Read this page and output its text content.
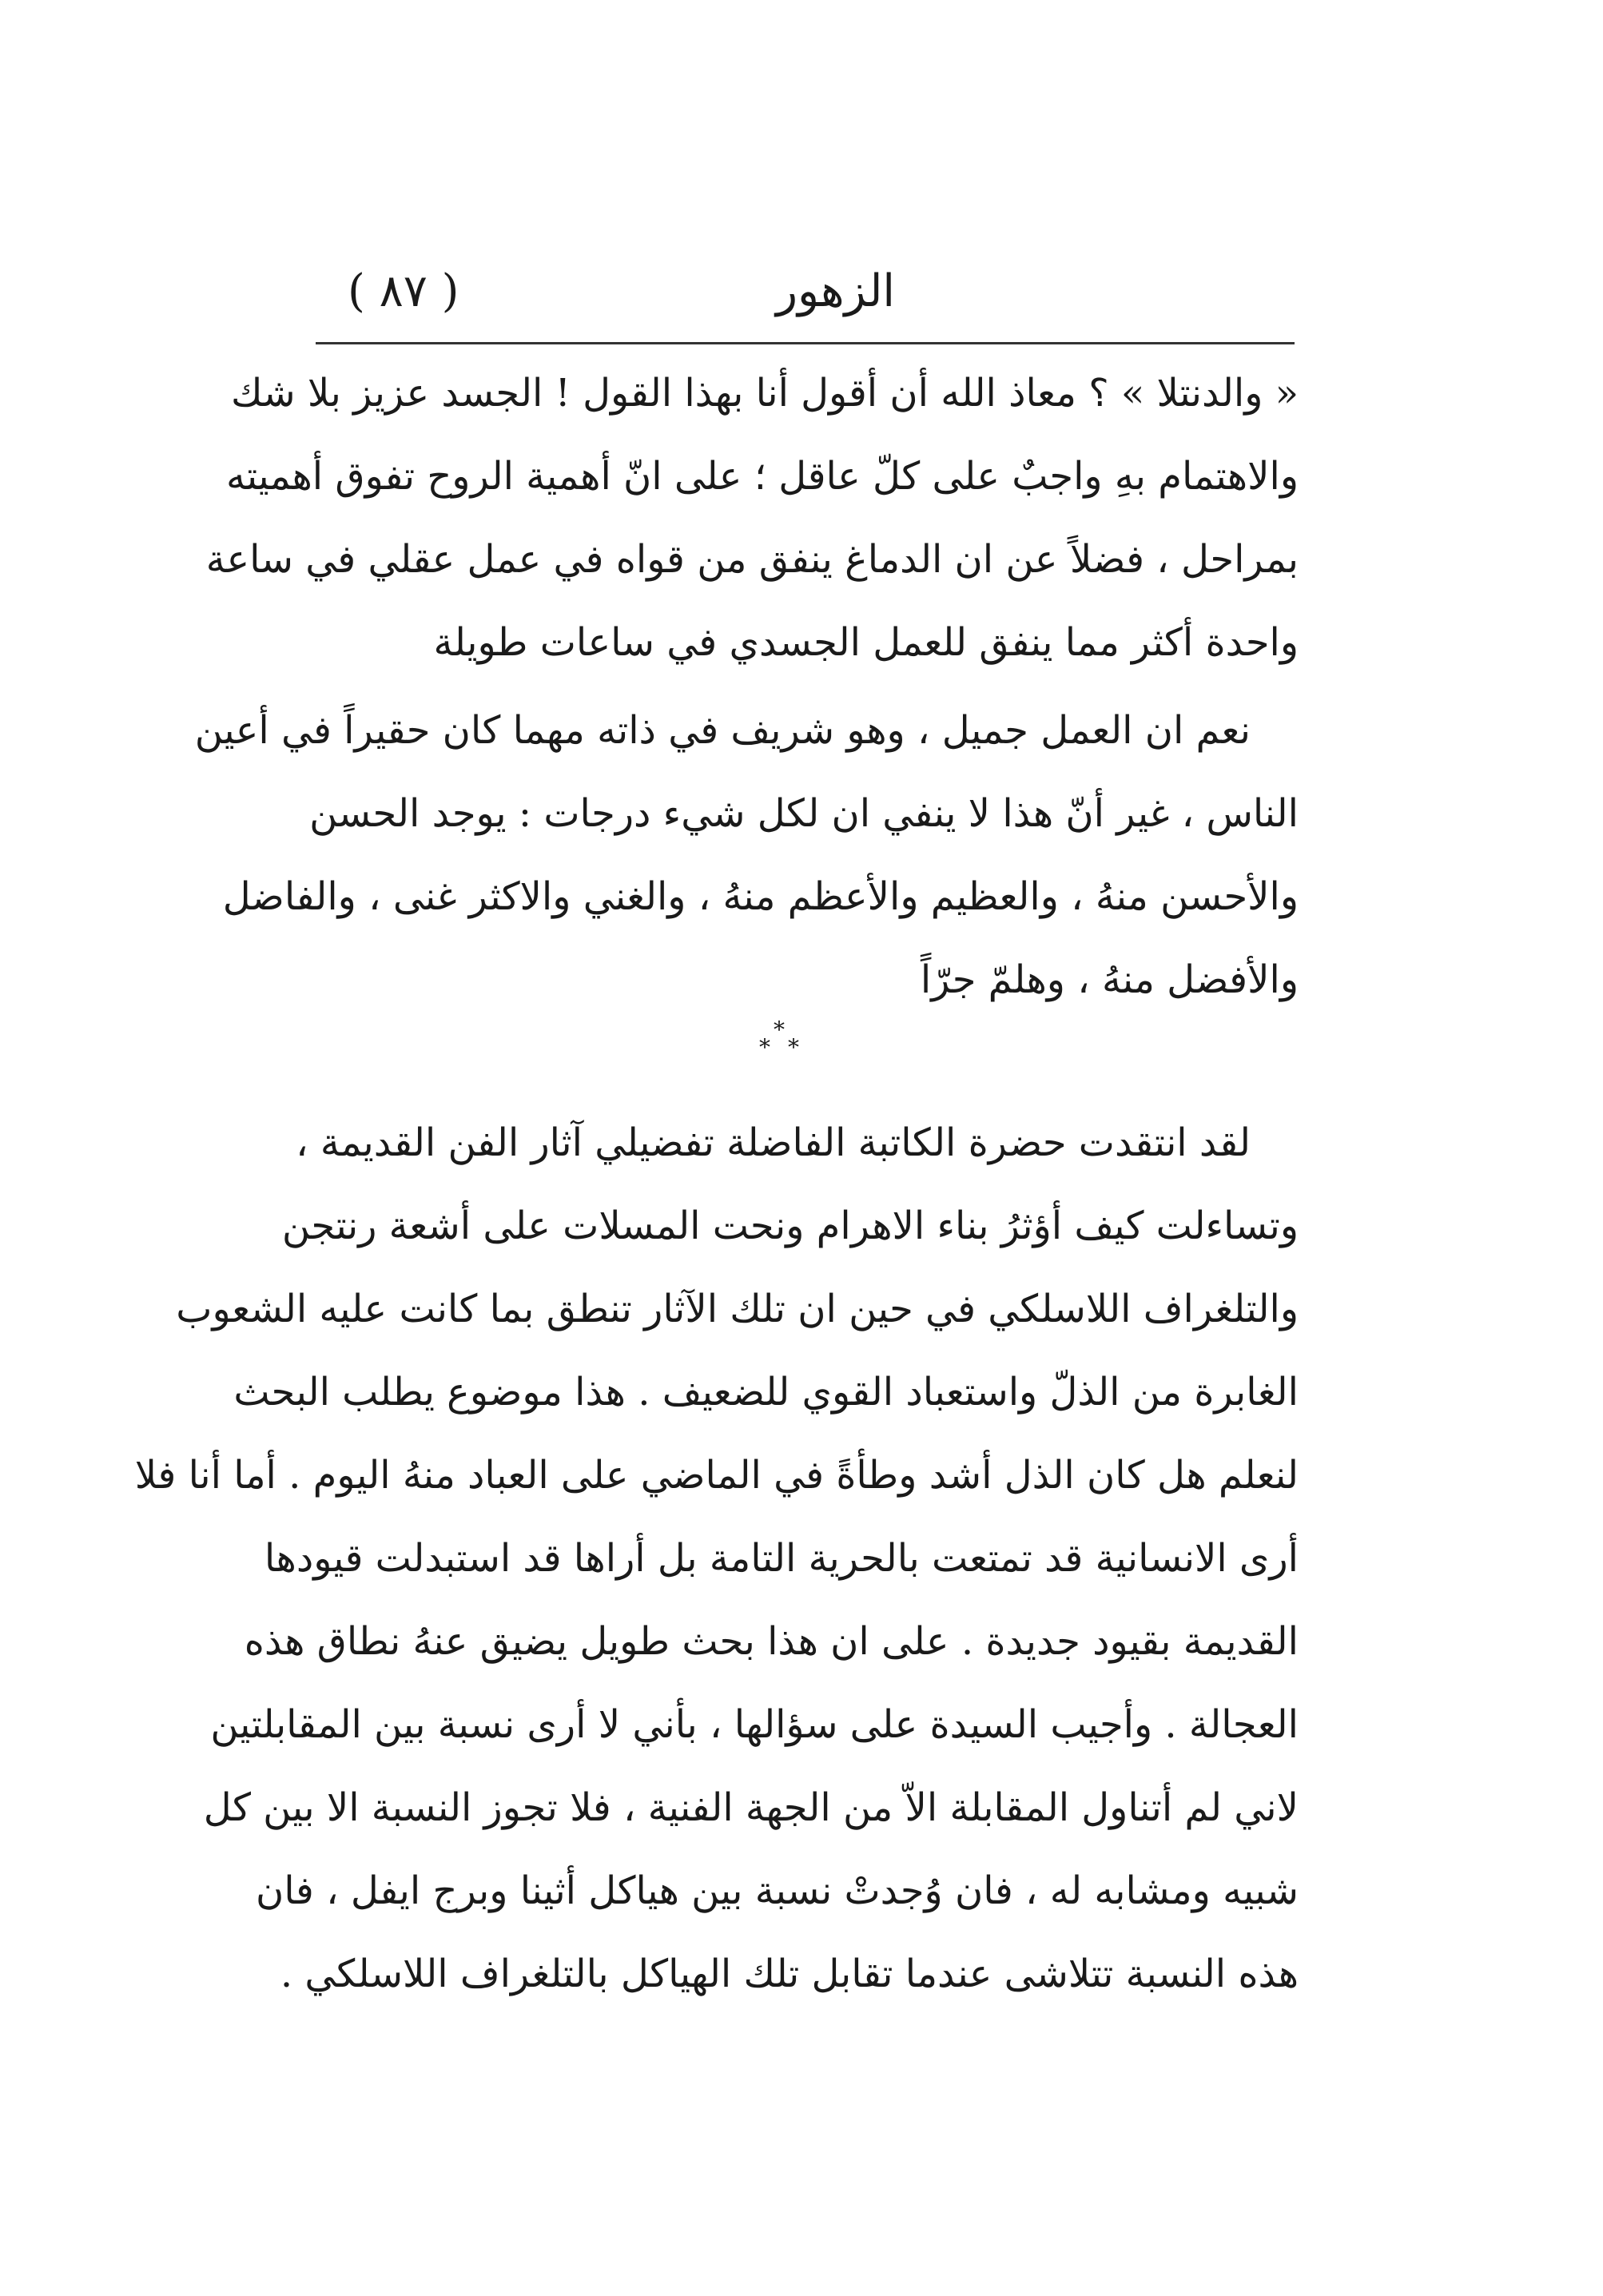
الزهور
( ٨٧ )
« والدنتلا » ؟ معاذ الله أن أقول أنا بهذا القول ! الجسد عزيز بلا شك
والاهتمام بهِ واجبٌ على كلّ عاقل ؛ على انّ أهمية الروح تفوق أهميته
بمراحل ، فضلاً عن ان الدماغ ينفق من قواه في عمل عقلي في ساعة
واحدة أكثر مما ينفق للعمل الجسدي في ساعات طويلة
نعم ان العمل جميل ، وهو شريف في ذاته مهما كان حقيراً في أعين
الناس ، غير أنّ هذا لا ينفي ان لكل شيء درجات : يوجد الحسن
والأحسن منهُ ، والعظيم والأعظم منهُ ، والغني والاكثر غنى ، والفاضل
والأفضل منهُ ، وهلمّ جرّاً
*
* *
لقد انتقدت حضرة الكاتبة الفاضلة تفضيلي آثار الفن القديمة ،
وتساءلت كيف أؤثرُ بناء الاهرام ونحت المسلات على أشعة رنتجن
والتلغراف اللاسلكي في حين ان تلك الآثار تنطق بما كانت عليه الشعوب
الغابرة من الذلّ واستعباد القوي للضعيف . هذا موضوع يطلب البحث
لنعلم هل كان الذل أشد وطأةً في الماضي على العباد منهُ اليوم . أما أنا فلا
أرى الانسانية قد تمتعت بالحرية التامة بل أراها قد استبدلت قيودها
القديمة بقيود جديدة . على ان هذا بحث طويل يضيق عنهُ نطاق هذه
العجالة . وأجيب السيدة على سؤالها ، بأني لا أرى نسبة بين المقابلتين
لاني لم أتناول المقابلة الاّ من الجهة الفنية ، فلا تجوز النسبة الا بين كل
شبيه ومشابه له ، فان وُجدتْ نسبة بين هياكل أثينا وبرج ايفل ، فان
هذه النسبة تتلاشى عندما تقابل تلك الهياكل بالتلغراف اللاسلكي .
